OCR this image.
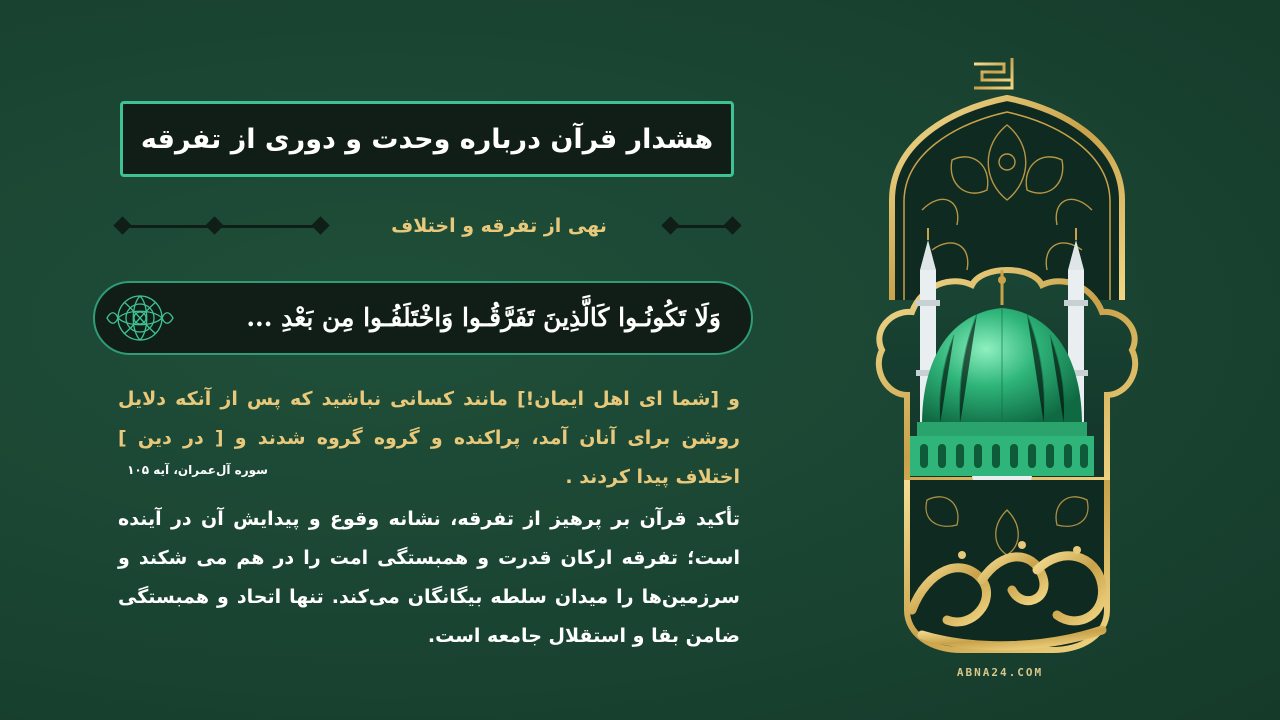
هشدار قرآن درباره وحدت و دوری از تفرقه
نهی از تفرقه و اختلاف
وَلَا تَکُونُـوا کَالَّذِینَ تَفَرَّقُـوا وَاخْتَلَفُـوا مِن بَعْدِ ...
و [شما ای اهل ایمان!] مانند کسانی نباشید که پس از آنکه دلایل روشن برای آنان آمد، پراکنده و گروه گروه شدند و [ در دین ] اختلاف پیدا کردند .
سوره آل‌عمران، آیه ۱۰۵
تأکید قرآن بر پرهیز از تفرقه، نشانه وقوع و پیدایش آن در آینده است؛ تفرقه ارکان قدرت و همبستگی امت را در هم می شکند و سرزمین‌ها را میدان سلطه بیگانگان می‌کند. تنها اتحاد و همبستگی ضامن بقا و استقلال جامعه است.
ABNA24.COM
